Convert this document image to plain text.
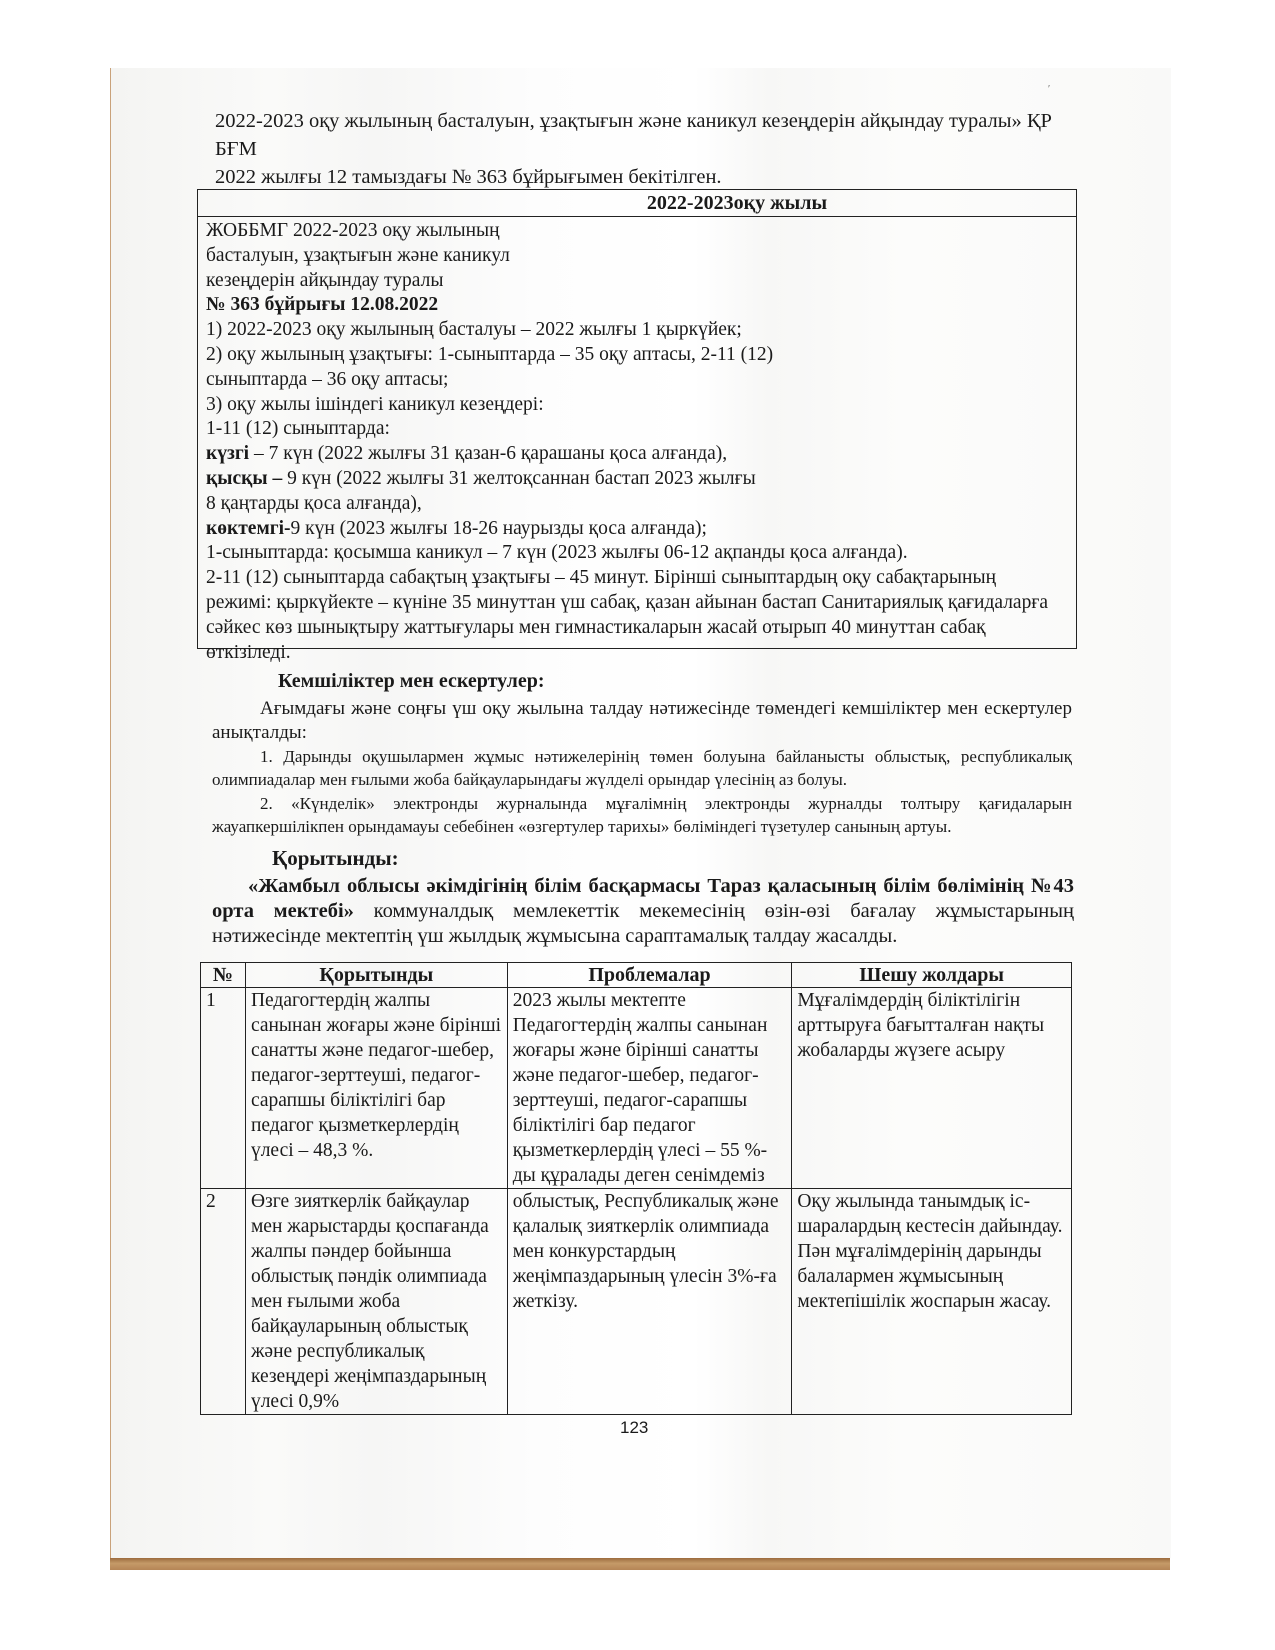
ʹ
2022-2023 оқу жылының басталуын, ұзақтығын және каникул кезеңдерін айқындау туралы» ҚР БҒМ
2022 жылғы 12 тамыздағы № 363 бұйрығымен бекітілген.
2022-2023оқу жылы
ЖОББМГ 2022-2023 оқу жылының
басталуын, ұзақтығын және каникул
кезеңдерін айқындау туралы
№ 363 бұйрығы 12.08.2022
1) 2022-2023 оқу жылының басталуы – 2022 жылғы 1 қыркүйек;
2) оқу жылының ұзақтығы: 1-сыныптарда – 35 оқу аптасы, 2-11 (12)
сыныптарда – 36 оқу аптасы;
3) оқу жылы ішіндегі каникул кезеңдері:
1-11 (12) сыныптарда:
күзгі – 7 күн (2022 жылғы 31 қазан-6 қарашаны қоса алғанда),
қысқы – 9 күн (2022 жылғы 31 желтоқсаннан бастап 2023 жылғы
8 қаңтарды қоса алғанда),
көктемгі-9 күн (2023 жылғы 18-26 наурызды қоса алғанда);
1-сыныптарда: қосымша каникул – 7 күн (2023 жылғы 06-12 ақпанды қоса алғанда).
2-11 (12) сыныптарда сабақтың ұзақтығы – 45 минут. Бірінші сыныптардың оқу сабақтарының режимі: қыркүйекте – күніне 35 минуттан үш сабақ, қазан айынан бастап Санитариялық қағидаларға сәйкес көз шынықтыру жаттығулары мен гимнастикаларын жасай отырып 40 минуттан сабақ өткізіледі.
Кемшіліктер мен ескертулер:
Ағымдағы және соңғы үш оқу жылына талдау нәтижесінде төмендегі кемшіліктер мен ескертулер анықталды:
1. Дарынды оқушылармен жұмыс нәтижелерінің төмен болуына байланысты облыстық, республикалық олимпиадалар мен ғылыми жоба байқауларындағы жүлделі орындар үлесінің аз болуы.
2. «Күнделік» электронды журналында мұғалімнің электронды журналды толтыру қағидаларын жауапкершілікпен орындамауы себебінен «өзгертулер тарихы» бөліміндегі түзетулер санының артуы.
Қорытынды:
«Жамбыл облысы әкімдігінің білім басқармасы Тараз қаласының білім бөлімінің №43 орта мектебі» коммуналдық мемлекеттік мекемесінің өзін-өзі бағалау жұмыстарының нәтижесінде мектептің үш жылдық жұмысына сараптамалық талдау жасалды.
№	Қорытынды	Проблемалар	Шешу жолдары
1	Педагогтердің жалпы санынан жоғары және бірінші санатты және педагог-шебер, педагог-зерттеуші, педагог-сарапшы біліктілігі бар педагог қызметкерлердің үлесі – 48,3 %.	2023 жылы мектепте Педагогтердің жалпы санынан жоғары және бірінші санатты және педагог-шебер, педагог-зерттеуші, педагог-сарапшы біліктілігі бар педагог қызметкерлердің үлесі – 55 %-ды құралады деген сенімдеміз	Мұғалімдердің біліктілігін арттыруға бағытталған нақты жобаларды жүзеге асыру
2	Өзге зияткерлік байқаулар мен жарыстарды қоспағанда жалпы пәндер бойынша облыстық пәндік олимпиада мен ғылыми жоба байқауларының облыстық және республикалық кезеңдері жеңімпаздарының үлесі 0,9%	облыстық, Республикалық және қалалық зияткерлік олимпиада мен конкурстардың жеңімпаздарының үлесін 3%-ға жеткізу.	Оқу жылында танымдық іс-шаралардың кестесін дайындау. Пән мұғалімдерінің дарынды балалармен жұмысының мектепішілік жоспарын жасау.
123
